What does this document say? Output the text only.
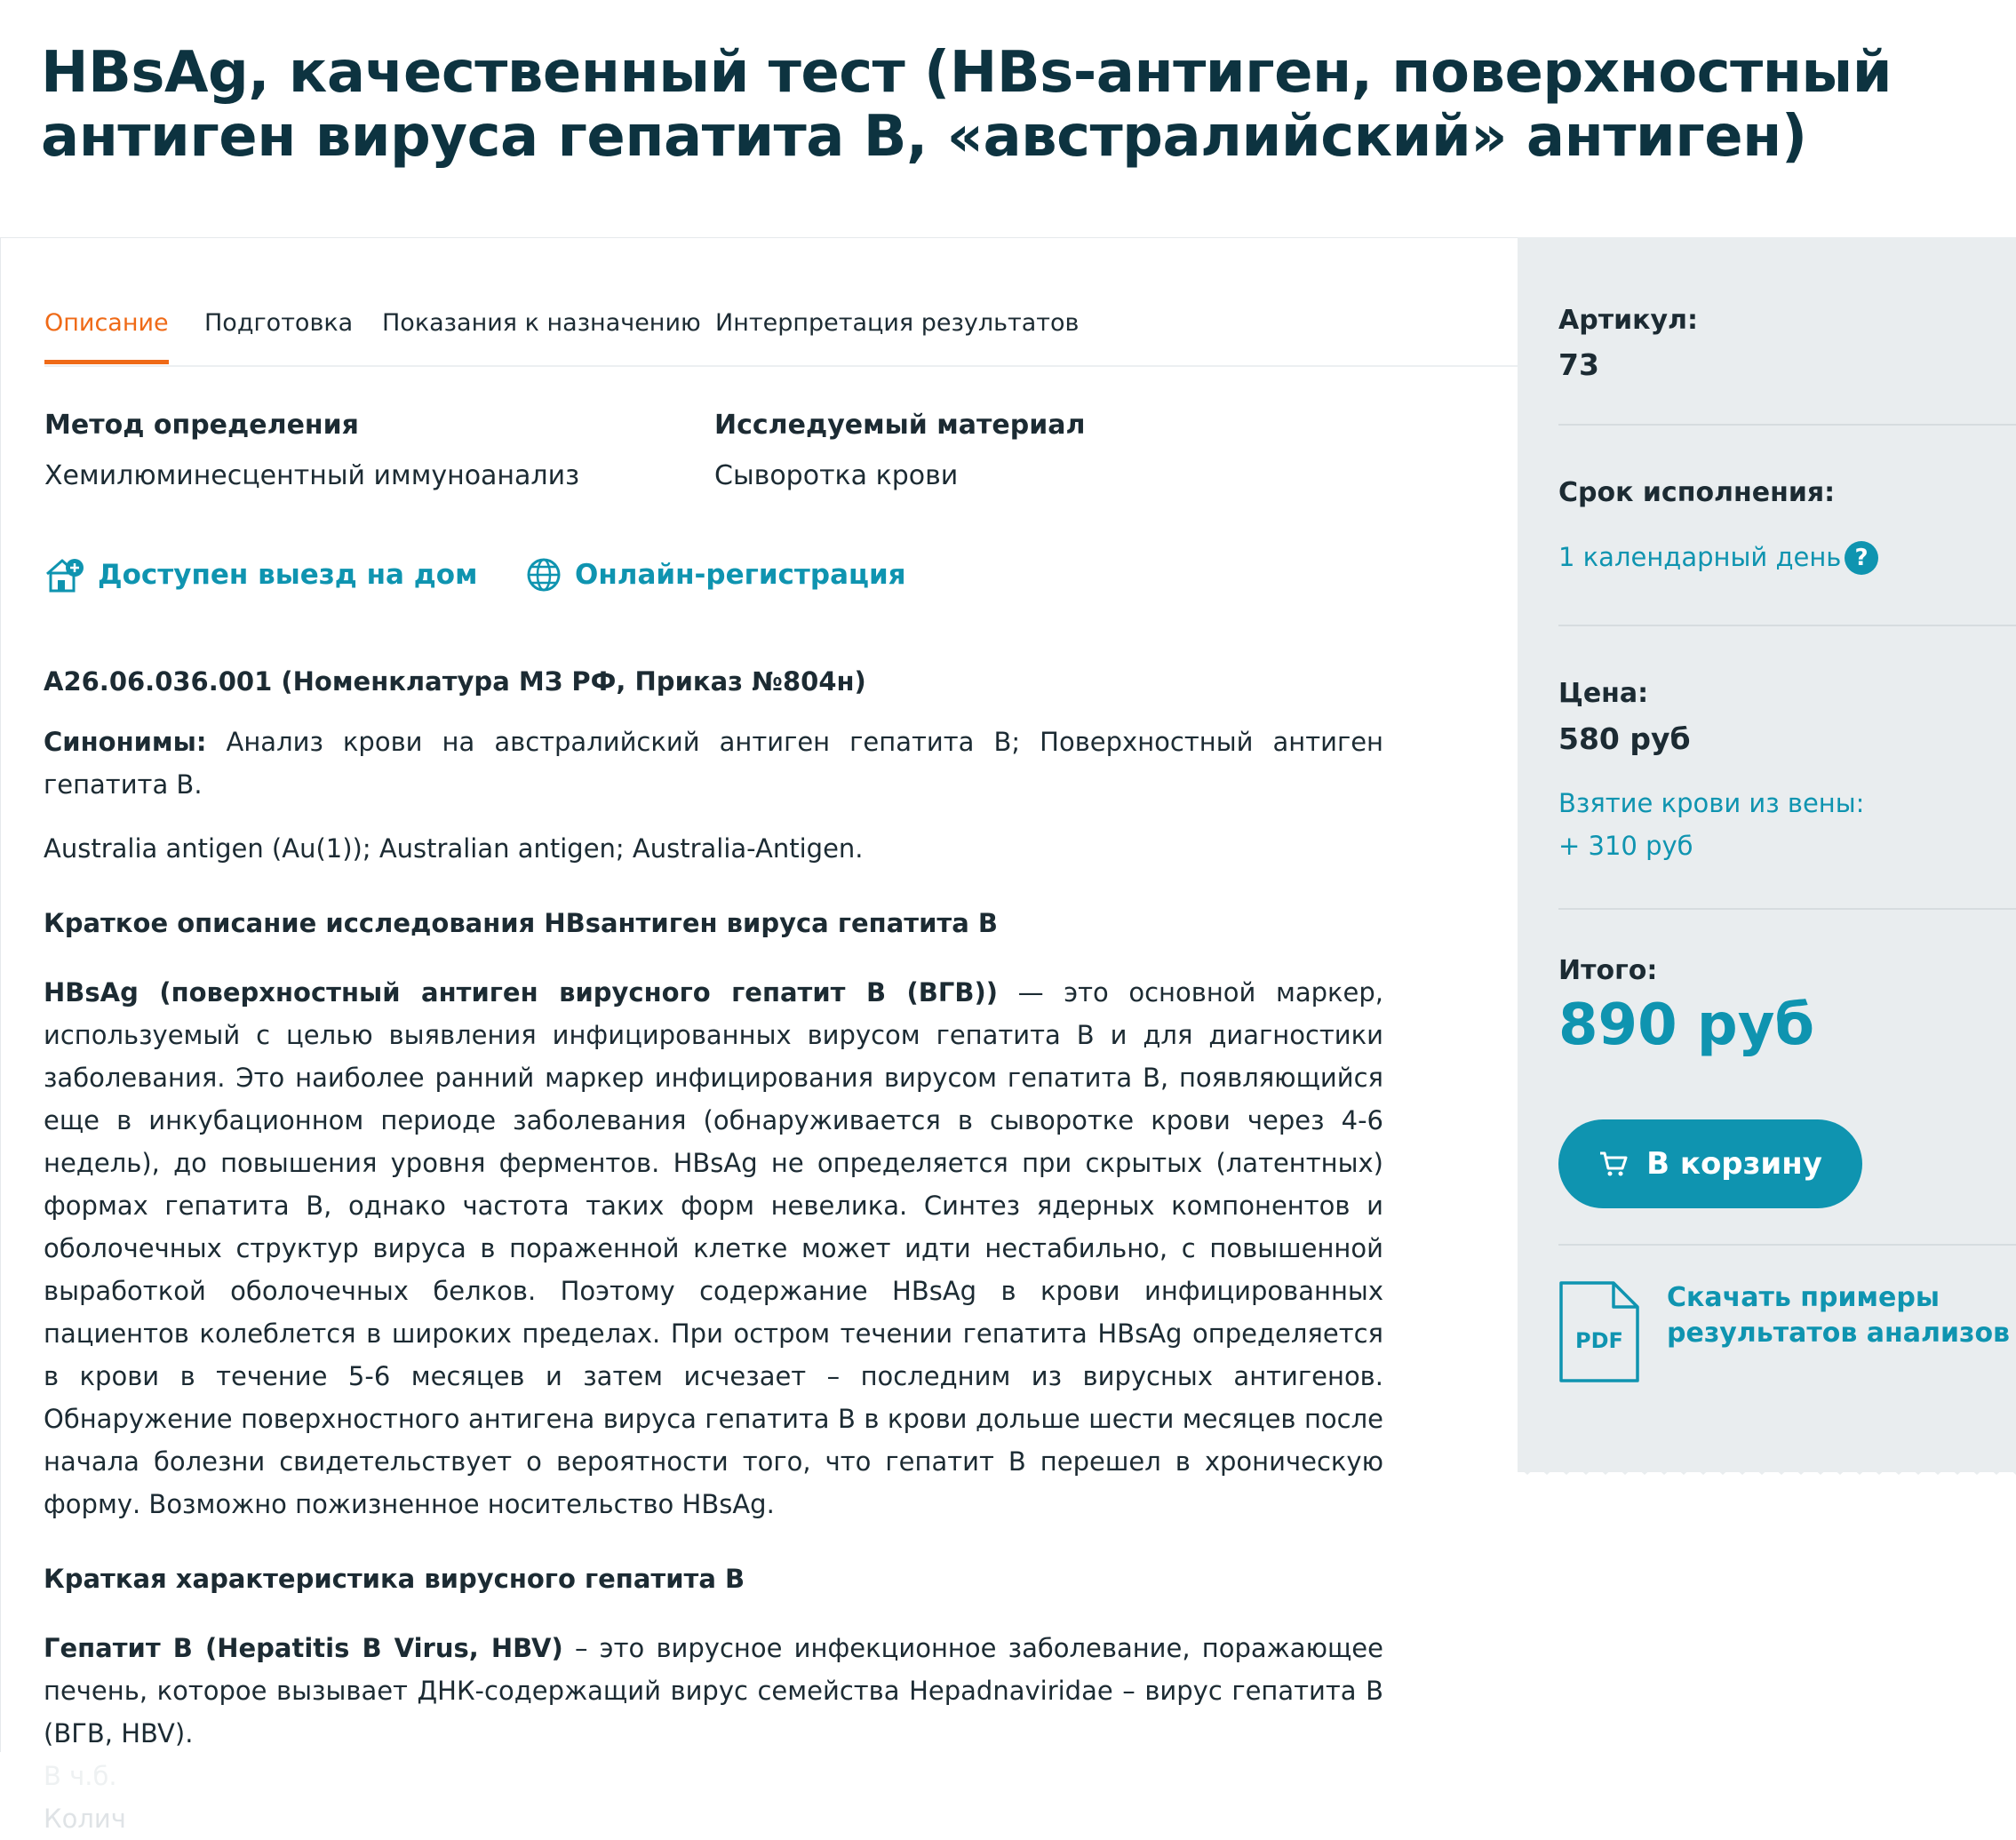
HBsAg, качественный тест (HBs-антиген, поверхностный антиген вируса гепатита В, «австралийский» антиген)
Описание Подготовка Показания к назначению Интерпретация результатов
Метод определения
Хемилюминесцентный иммуноанализ
Исследуемый материал
Сыворотка крови
Доступен выезд на дом	Онлайн-регистрация

А26.06.036.001 (Номенклатура МЗ РФ, Приказ №804н)

Синонимы: Анализ крови на австралийский антиген гепатита В; Поверхностный антиген гепатита В.

Australia antigen (Au(1)); Australian antigen; Australia-Antigen.

Краткое описание исследования HBsантиген вируса гепатита В

HBsAg (поверхностный антиген вирусного гепатит В (ВГВ)) — это основной маркер, используемый с целью выявления инфицированных вирусом гепатита В и для диагностики заболевания. Это наиболее ранний маркер инфицирования вирусом гепатита В, появляющийся еще в инкубационном периоде заболевания (обнаруживается в сыворотке крови через 4-6 недель), до повышения уровня ферментов. HBsAg не определяется при скрытых (латентных) формах гепатита В, однако частота таких форм невелика. Синтез ядерных компонентов и оболочечных структур вируса в пораженной клетке может идти нестабильно, с повышенной выработкой оболочечных белков. Поэтому содержание HBsAg в крови инфицированных пациентов колеблется в широких пределах. При остром течении гепатита HBsAg определяется в крови в течение 5-6 месяцев и затем исчезает – последним из вирусных антигенов. Обнаружение поверхностного антигена вируса гепатита В в крови дольше шести месяцев после начала болезни свидетельствует о вероятности того, что гепатит В перешел в хроническую форму. Возможно пожизненное носительство HBsAg.

Краткая характеристика вирусного гепатита В

Гепатит В (Hepatitis B Virus, HBV) – это вирусное инфекционное заболевание, поражающее печень, которое вызывает ДНК-содержащий вирус семейства Hepadnaviridae – вирус гепатита В (ВГВ, HBV).

В ч.б.
Колич
Артикул:
73
Срок исполнения:
1 календарный день ?
Цена:
580 руб
Взятие крови из вены:
+ 310 руб
Итого:
890 руб
В корзину
PDF
Скачать примеры
результатов анализов
